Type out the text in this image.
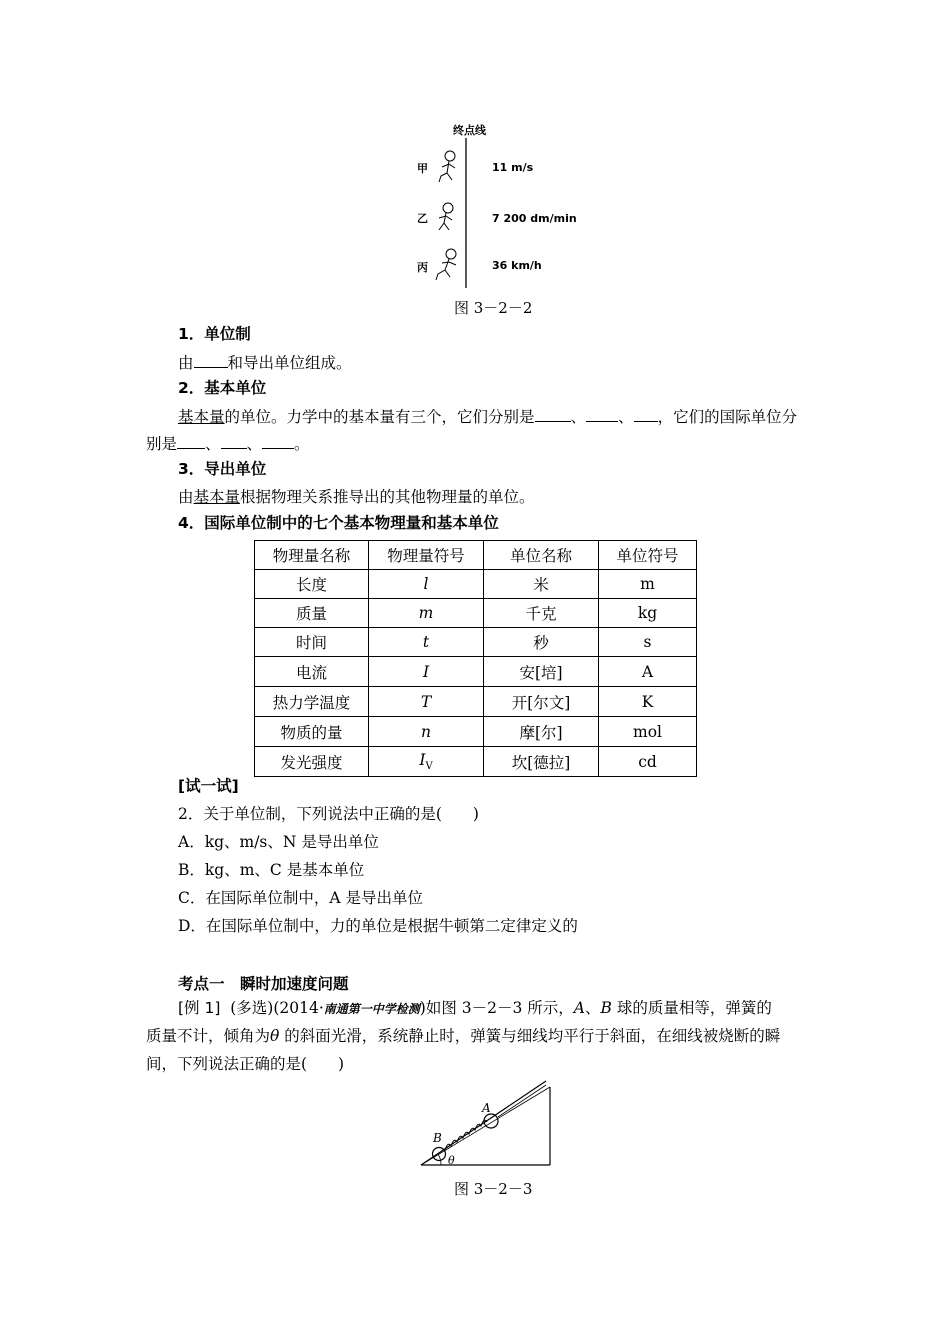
终点线
甲	11 m/s
乙	7 200 dm/min
丙	36 km/h
图 3－2－2
1．单位制
由 和导出单位组成。
2．基本单位
基本量的单位。力学中的基本量有三个，它们分别是 、 、 ，它们的国际单位分
别是 、 、 。
3．导出单位
由基本量根据物理关系推导出的其他物理量的单位。
4．国际单位制中的七个基本物理量和基本单位
物理量名称	物理量符号	单位名称	单位符号
长度	l	米	m
质量	m	千克	kg
时间	t	秒	s
电流	I	安[培]	A
热力学温度	T	开[尔文]	K
物质的量	n	摩[尔]	mol
发光强度	$I_V$	坎[德拉]	cd
[试一试]
2．关于单位制，下列说法中正确的是(　　)
A．kg、m/s、N 是导出单位
B．kg、m、C 是基本单位
C．在国际单位制中，A 是导出单位
D．在国际单位制中，力的单位是根据牛顿第二定律定义的
考点一　瞬时加速度问题
[例 1] (多选)(2014·南通第一中学检测)如图 3－2－3 所示，A、B 球的质量相等，弹簧的
质量不计，倾角为θ 的斜面光滑，系统静止时，弹簧与细线均平行于斜面，在细线被烧断的瞬
间，下列说法正确的是(　　)
A
B
θ
图 3－2－3
